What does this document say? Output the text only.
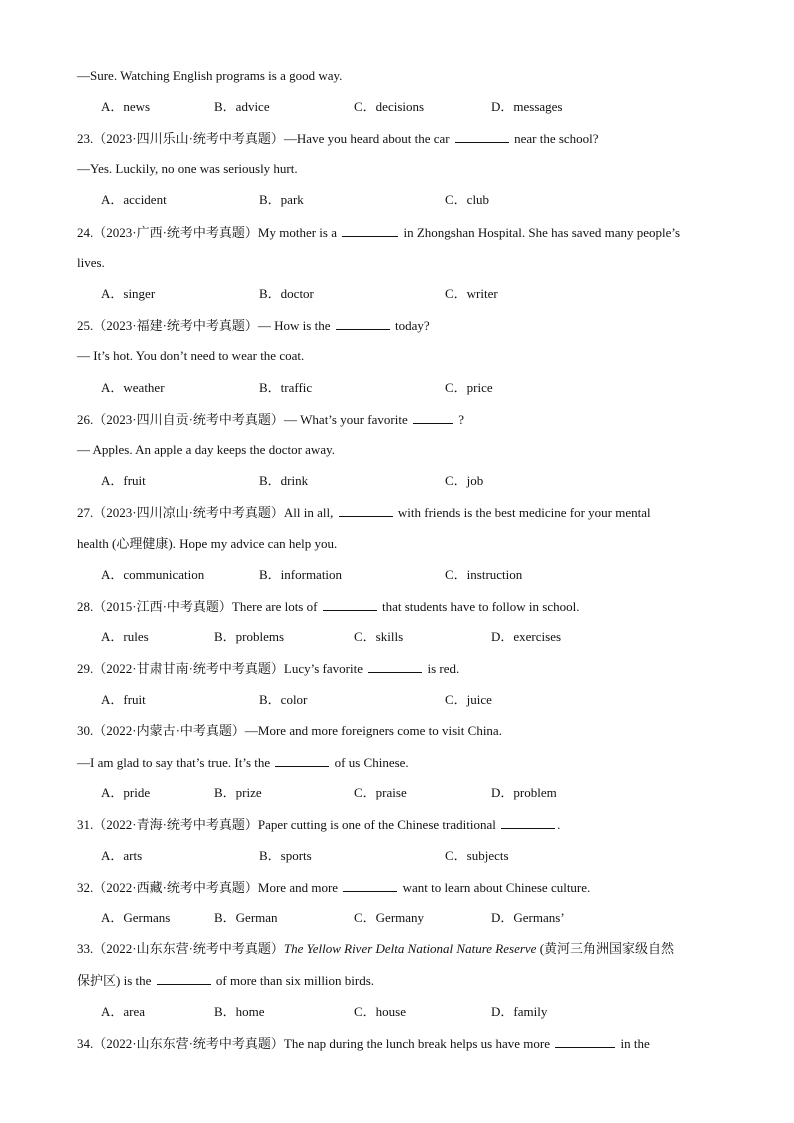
—Sure. Watching English programs is a good way.
A．news	B．advice	C．decisions	D．messages
23.（2023·四川乐山·统考中考真题）—Have you heard about the car	near the school?
—Yes. Luckily, no one was seriously hurt.
A．accident	B．park	C．club
24.（2023·广西·统考中考真题）My mother is a	in Zhongshan Hospital. She has saved many people’s
lives.
A．singer	B．doctor	C．writer
25.（2023·福建·统考中考真题）— How is the	today?
— It’s hot. You don’t need to wear the coat.
A．weather	B．traffic	C．price
26.（2023·四川自贡·统考中考真题）— What’s your favorite	?
— Apples. An apple a day keeps the doctor away.
A．fruit	B．drink	C．job
27.（2023·四川凉山·统考中考真题）All in all,	with friends is the best medicine for your mental
health (心理健康). Hope my advice can help you.
A．communication	B．information	C．instruction
28.（2015·江西·中考真题）There are lots of	that students have to follow in school.
A．rules	B．problems	C．skills	D．exercises
29.（2022·甘肃甘南·统考中考真题）Lucy’s favorite	is red.
A．fruit	B．color	C．juice
30.（2022·内蒙古·中考真题）—More and more foreigners come to visit China.
—I am glad to say that’s true. It’s the	of us Chinese.
A．pride	B．prize	C．praise	D．problem
31.（2022·青海·统考中考真题）Paper cutting is one of the Chinese traditional	.
A．arts	B．sports	C．subjects
32.（2022·西藏·统考中考真题）More and more	want to learn about Chinese culture.
A．Germans	B．German	C．Germany	D．Germans’
33.（2022·山东东营·统考中考真题）The Yellow River Delta National Nature Reserve (黄河三角洲国家级自然
保护区) is the	of more than six million birds.
A．area	B．home	C．house	D．family
34.（2022·山东东营·统考中考真题）The nap during the lunch break helps us have more	in the
